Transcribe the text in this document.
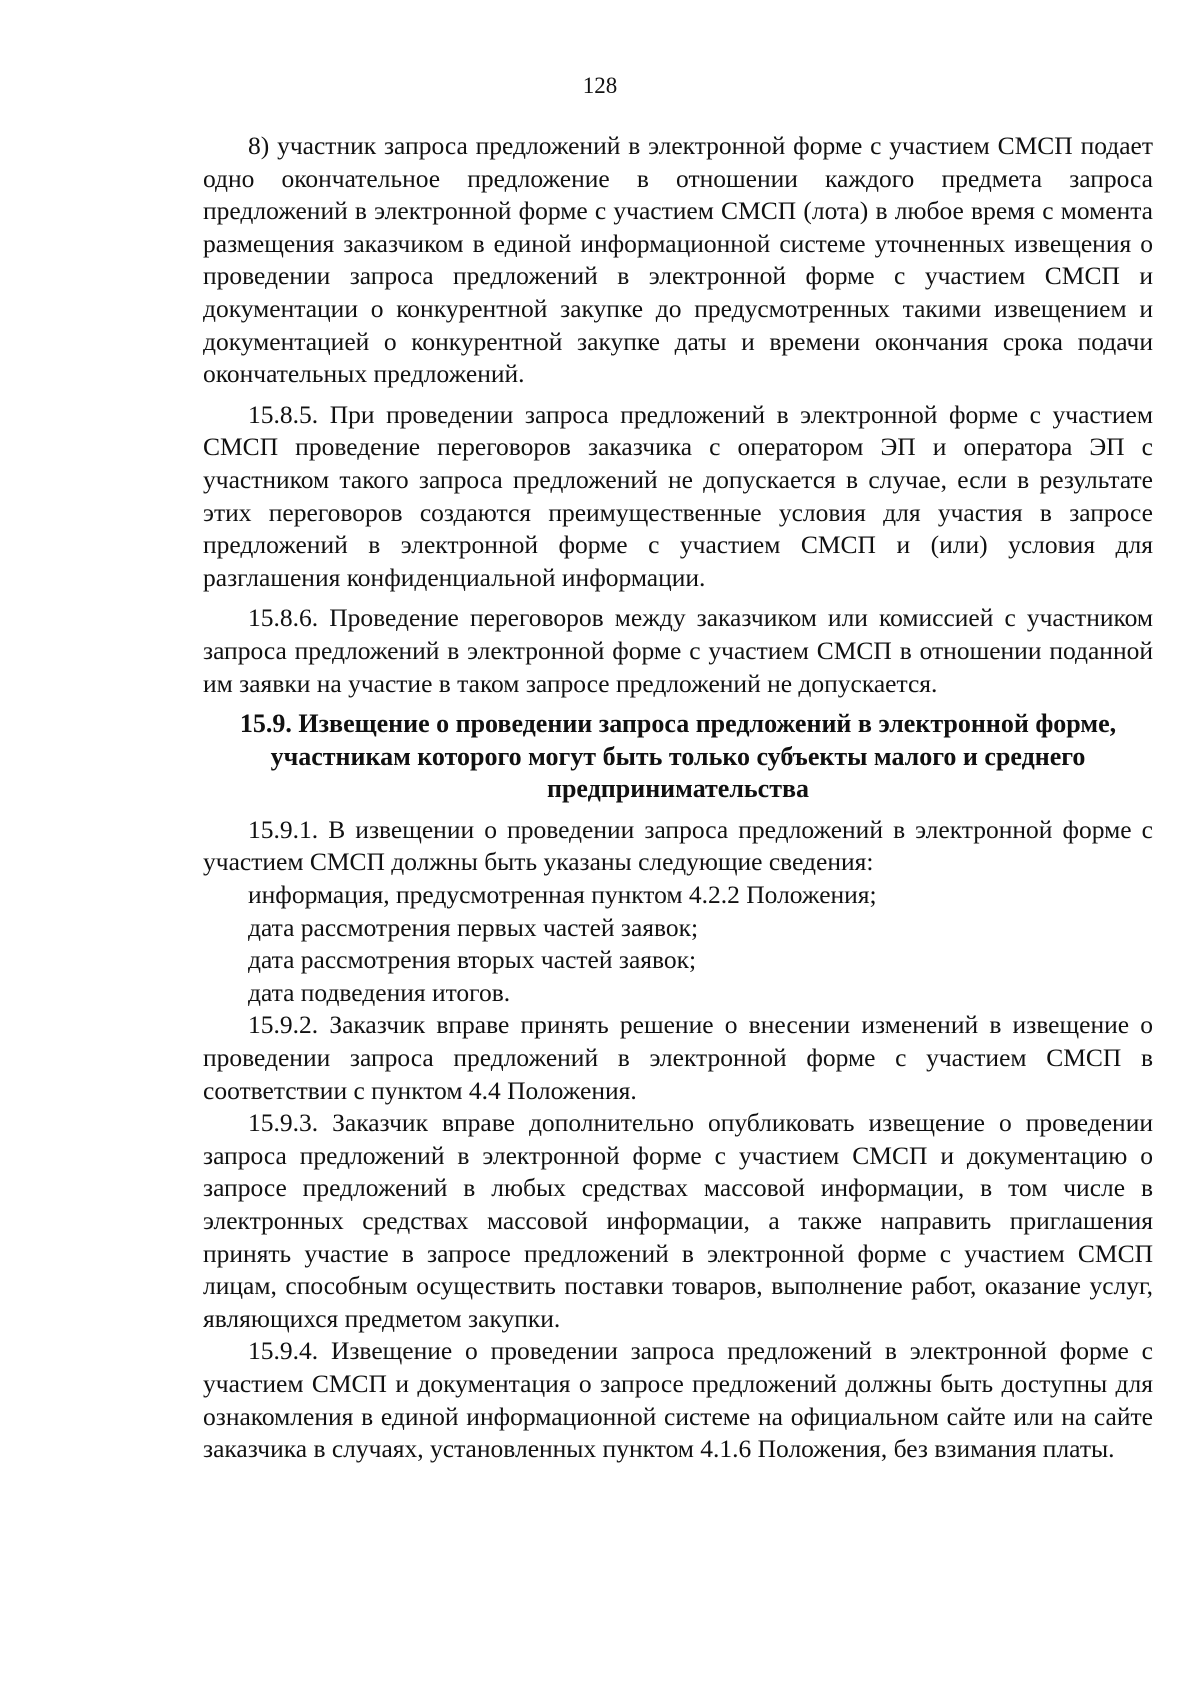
128

8) участник запроса предложений в электронной форме с участием СМСП подает одно окончательное предложение в отношении каждого предмета запроса предложений в электронной форме с участием СМСП (лота) в любое время с момента размещения заказчиком в единой информационной системе уточненных извещения о проведении запроса предложений в электронной форме с участием СМСП и документации о конкурентной закупке до предусмотренных такими извещением и документацией о конкурентной закупке даты и времени окончания срока подачи окончательных предложений.

15.8.5. При проведении запроса предложений в электронной форме с участием СМСП проведение переговоров заказчика с оператором ЭП и оператора ЭП с участником такого запроса предложений не допускается в случае, если в результате этих переговоров создаются преимущественные условия для участия в запросе предложений в электронной форме с участием СМСП и (или) условия для разглашения конфиденциальной информации.

15.8.6. Проведение переговоров между заказчиком или комиссией с участником запроса предложений в электронной форме с участием СМСП в отношении поданной им заявки на участие в таком запросе предложений не допускается.

15.9. Извещение о проведении запроса предложений в электронной форме, участникам которого могут быть только субъекты малого и среднего предпринимательства

15.9.1. В извещении о проведении запроса предложений в электронной форме с участием СМСП должны быть указаны следующие сведения:

информация, предусмотренная пунктом 4.2.2 Положения;

дата рассмотрения первых частей заявок;

дата рассмотрения вторых частей заявок;

дата подведения итогов.

15.9.2. Заказчик вправе принять решение о внесении изменений в извещение о проведении запроса предложений в электронной форме с участием СМСП в соответствии с пунктом 4.4 Положения.

15.9.3. Заказчик вправе дополнительно опубликовать извещение о проведении запроса предложений в электронной форме с участием СМСП и документацию о запросе предложений в любых средствах массовой информации, в том числе в электронных средствах массовой информации, а также направить приглашения принять участие в запросе предложений в электронной форме с участием СМСП лицам, способным осуществить поставки товаров, выполнение работ, оказание услуг, являющихся предметом закупки.

15.9.4. Извещение о проведении запроса предложений в электронной форме с участием СМСП и документация о запросе предложений должны быть доступны для ознакомления в единой информационной системе на официальном сайте или на сайте заказчика в случаях, установленных пунктом 4.1.6 Положения, без взимания платы.
